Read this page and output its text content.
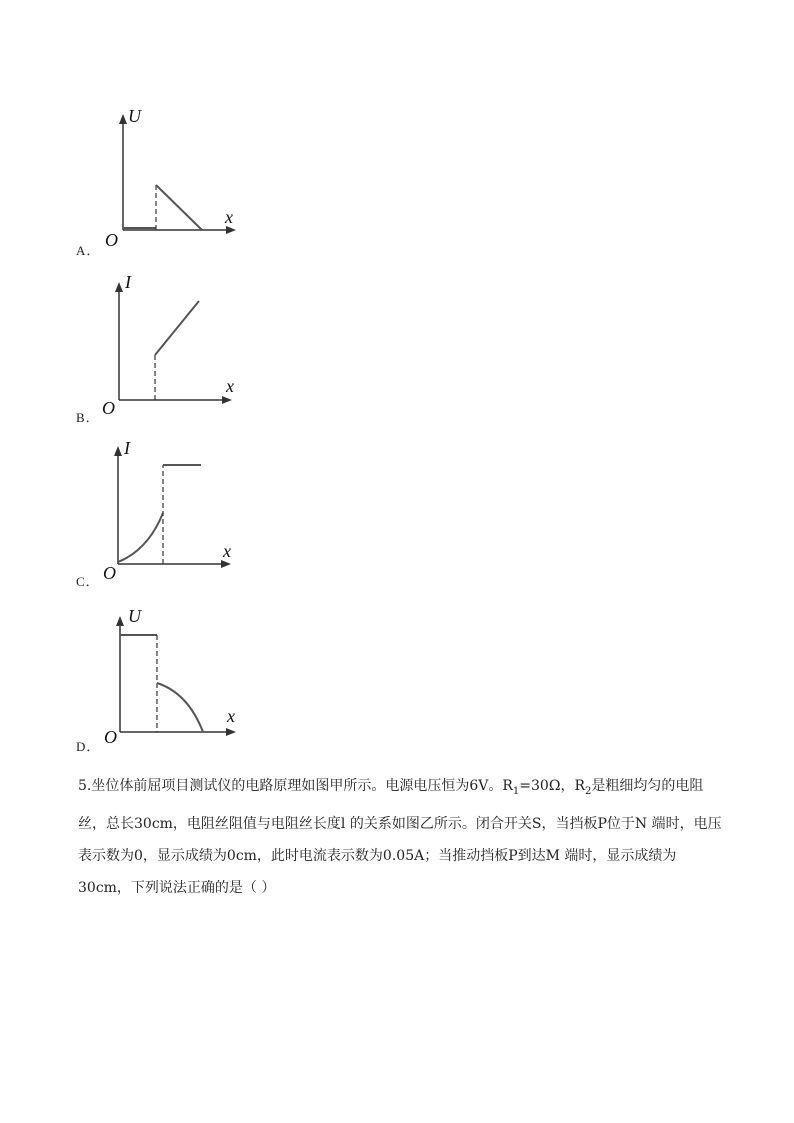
U
x
O
A．
I
x
O
B．
I
x
O
C．
U
x
O
D．
5.坐位体前屈项目测试仪的电路原理如图甲所示。电源电压恒为6V。$R_1=30\Omega$，$R_2$是粗细均匀的电阻丝，总长30cm，电阻丝阻值与电阻丝长度l 的关系如图乙所示。闭合开关S，当挡板P位于N 端时，电压表示数为0，显示成绩为0cm，此时电流表示数为0.05A；当推动挡板P到达M 端时，显示成绩为30cm，下列说法正确的是（ ）
